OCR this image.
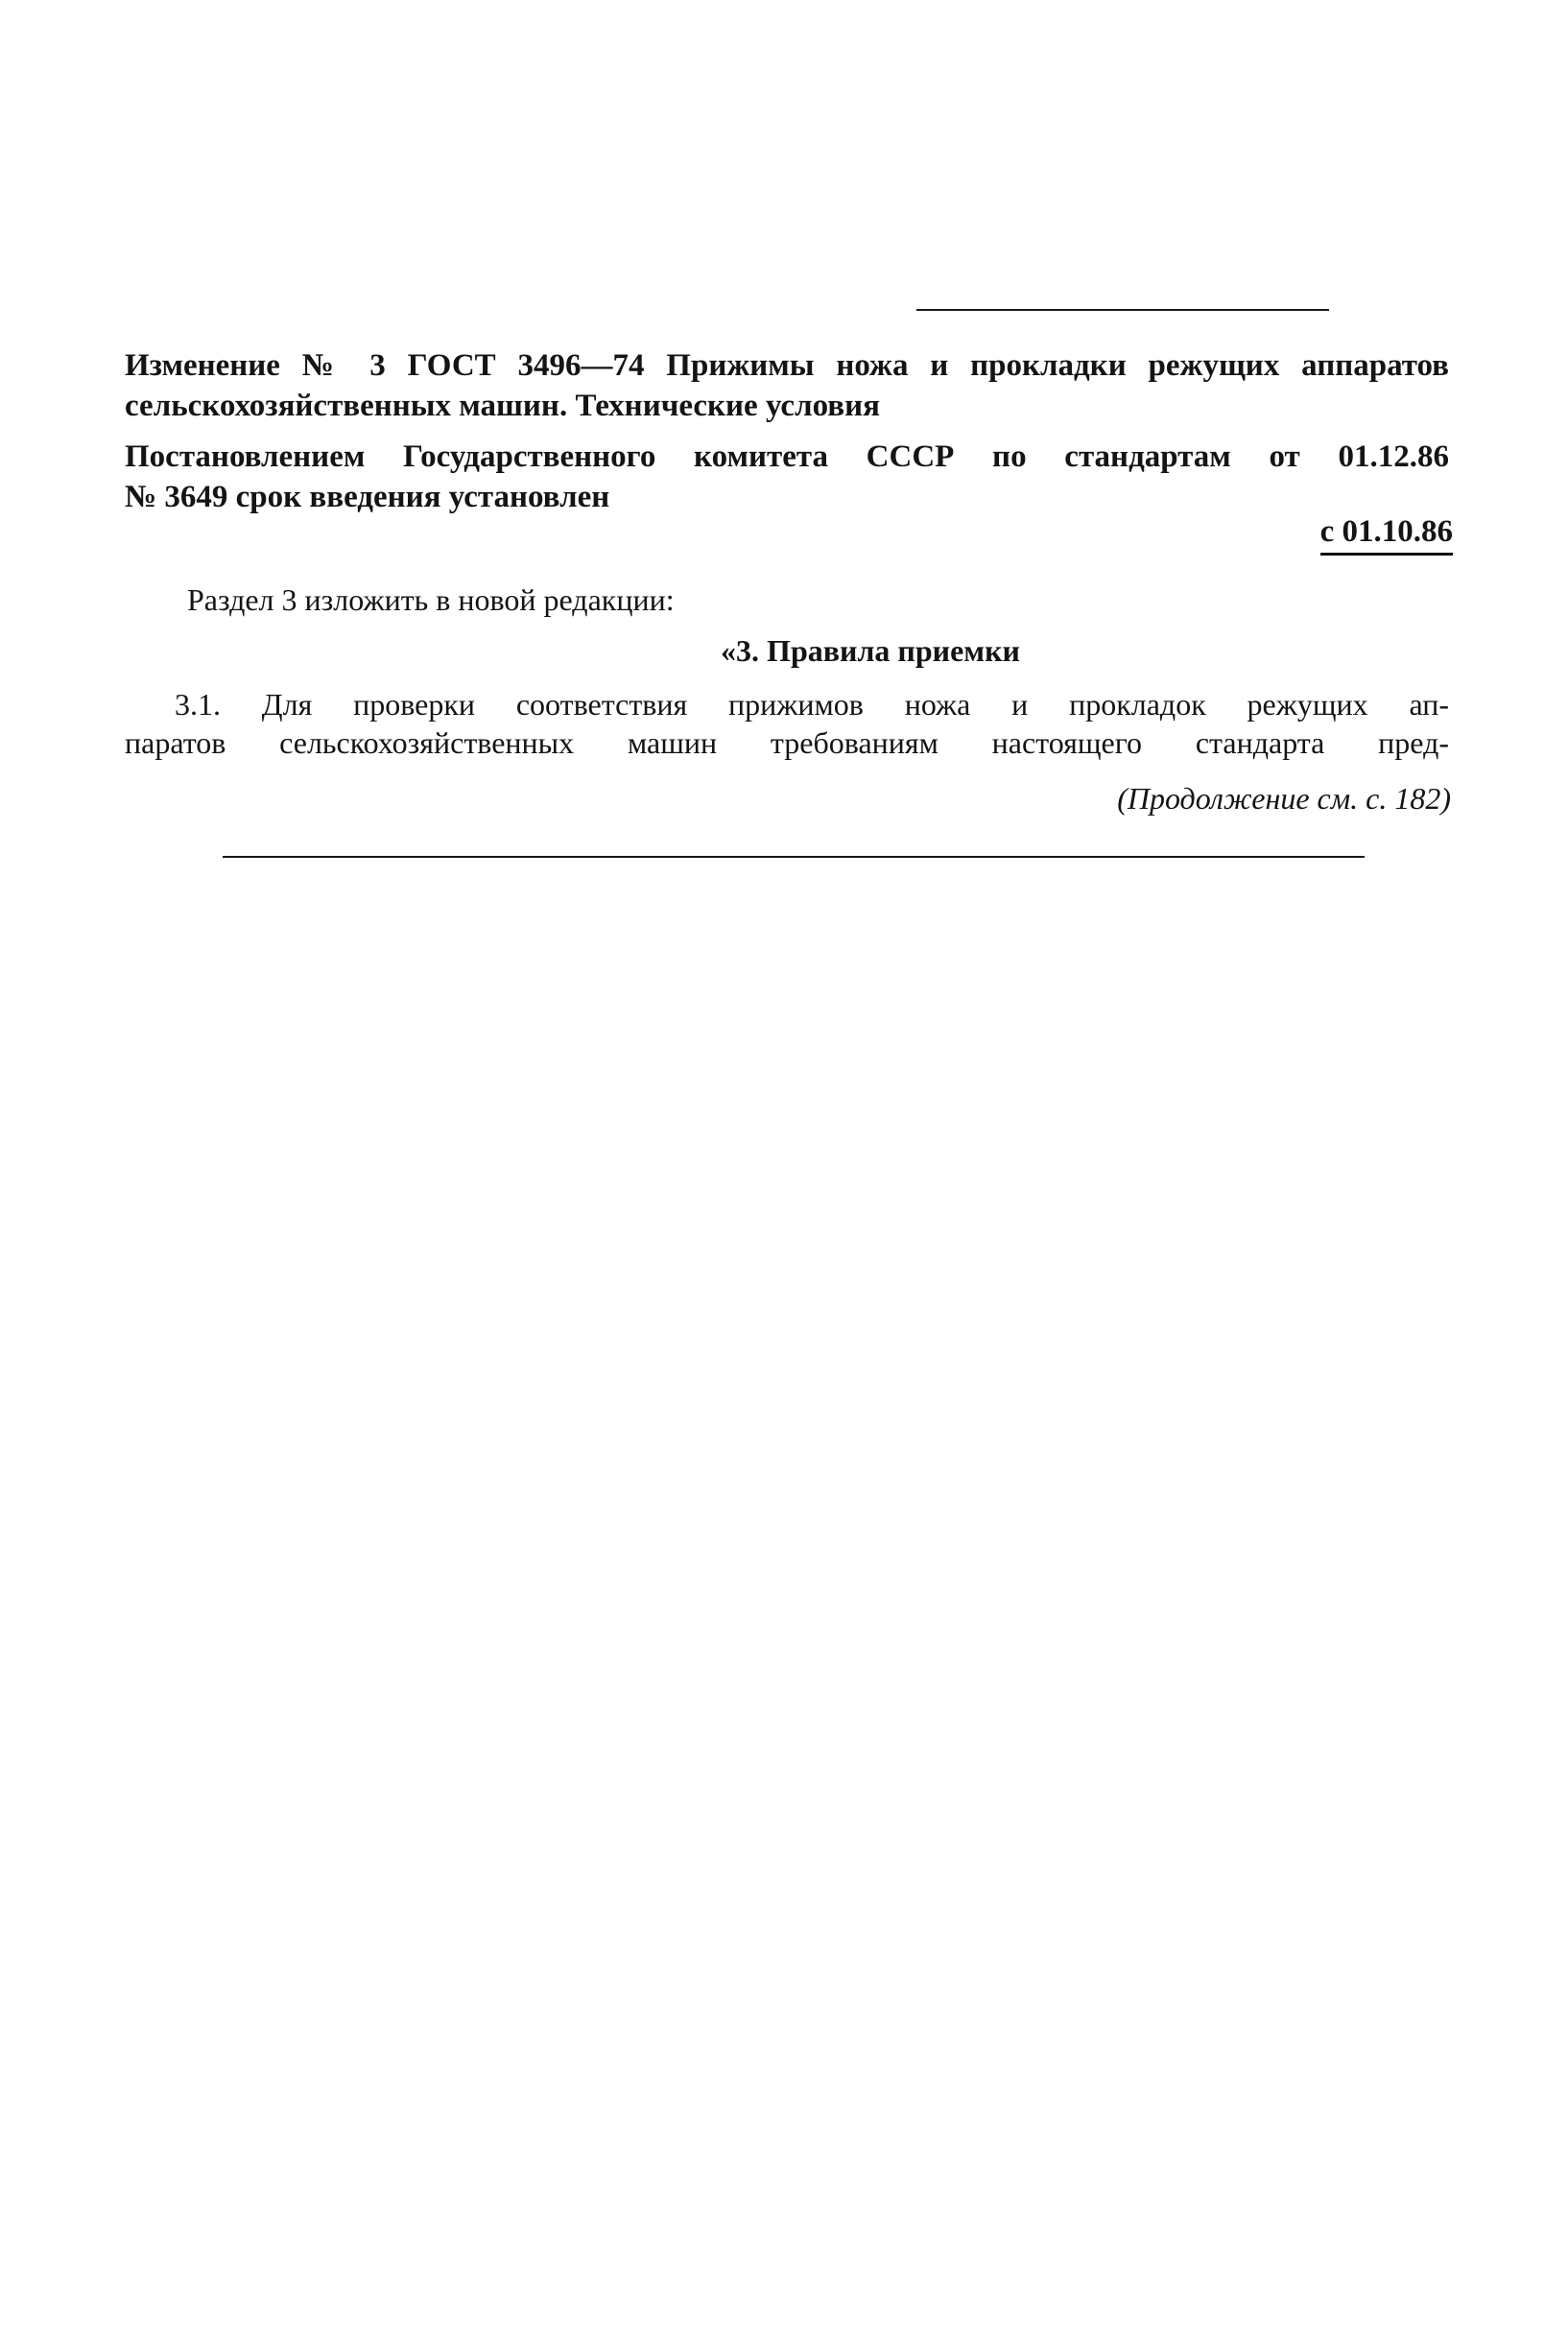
Изменение № 3 ГОСТ 3496—74 Прижимы ножа и прокладки режущих аппаратов
сельскохозяйственных машин. Технические условия
Постановлением Государственного комитета СССР по стандартам от 01.12.86
№ 3649 срок введения установлен
с 01.10.86
Раздел 3 изложить в новой редакции:
«3. Правила приемки
3.1. Для проверки соответствия прижимов ножа и прокладок режущих ап-
паратов сельскохозяйственных машин требованиям настоящего стандарта пред-
(Продолжение см. с. 182)
